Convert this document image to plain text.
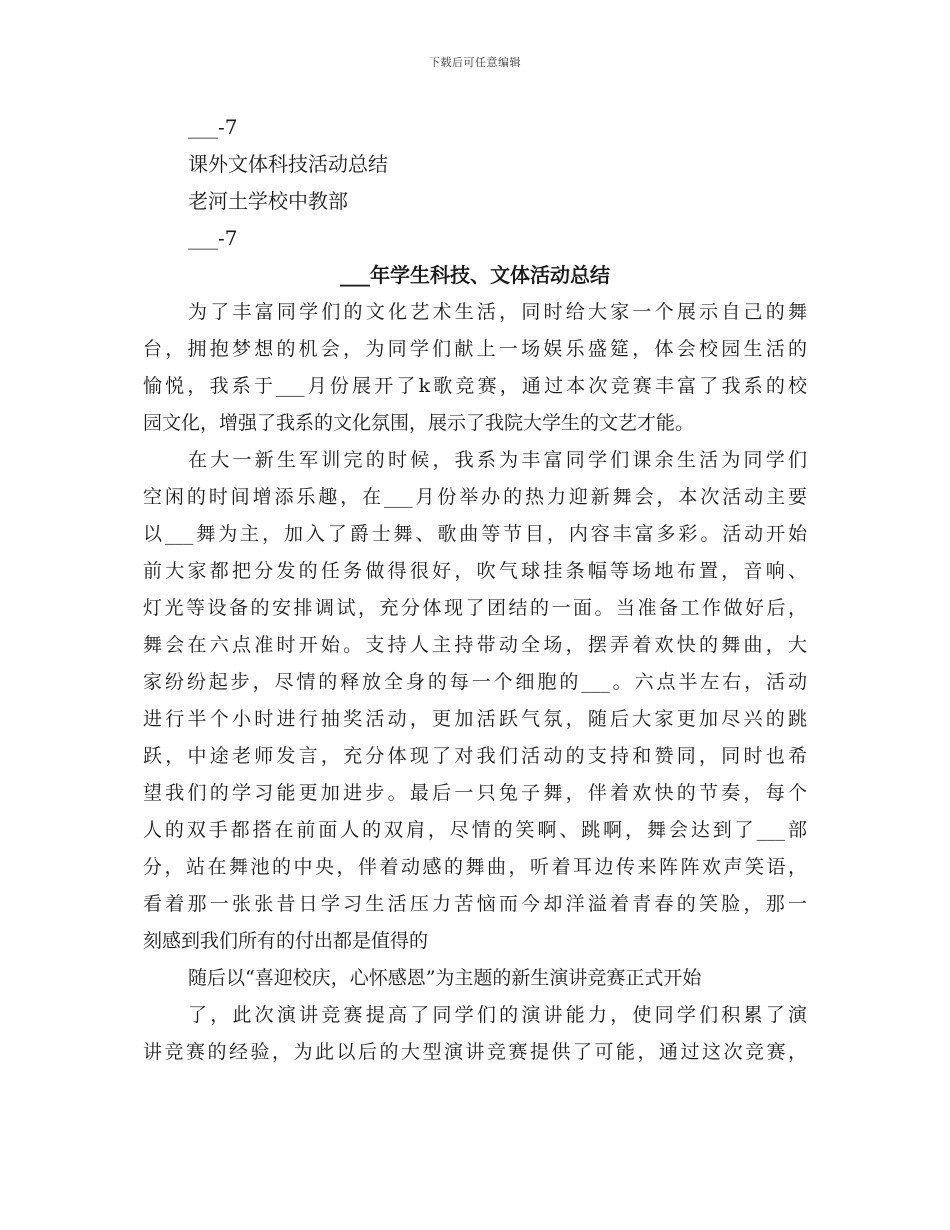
下载后可任意编辑
___-7
课外文体科技活动总结
老河土学校中教部
___-7
___年学生科技、文体活动总结
为了丰富同学们的文化艺术生活，同时给大家一个展示自己的舞
台，拥抱梦想的机会，为同学们献上一场娱乐盛筵，体会校园生活的
愉悦，我系于___月份展开了k歌竞赛，通过本次竞赛丰富了我系的校
园文化，增强了我系的文化氛围，展示了我院大学生的文艺才能。
在大一新生军训完的时候，我系为丰富同学们课余生活为同学们
空闲的时间增添乐趣，在___月份举办的热力迎新舞会，本次活动主要
以___舞为主，加入了爵士舞、歌曲等节目，内容丰富多彩。活动开始
前大家都把分发的任务做得很好，吹气球挂条幅等场地布置，音响、
灯光等设备的安排调试，充分体现了团结的一面。当准备工作做好后，
舞会在六点准时开始。支持人主持带动全场，摆弄着欢快的舞曲，大
家纷纷起步，尽情的释放全身的每一个细胞的___。六点半左右，活动
进行半个小时进行抽奖活动，更加活跃气氛，随后大家更加尽兴的跳
跃，中途老师发言，充分体现了对我们活动的支持和赞同，同时也希
望我们的学习能更加进步。最后一只兔子舞，伴着欢快的节奏，每个
人的双手都搭在前面人的双肩，尽情的笑啊、跳啊，舞会达到了___部
分，站在舞池的中央，伴着动感的舞曲，听着耳边传来阵阵欢声笑语，
看着那一张张昔日学习生活压力苦恼而今却洋溢着青春的笑脸，那一
刻感到我们所有的付出都是值得的
随后以“喜迎校庆，心怀感恩”为主题的新生演讲竞赛正式开始
了，此次演讲竞赛提高了同学们的演讲能力，使同学们积累了演
讲竞赛的经验，为此以后的大型演讲竞赛提供了可能，通过这次竞赛，
